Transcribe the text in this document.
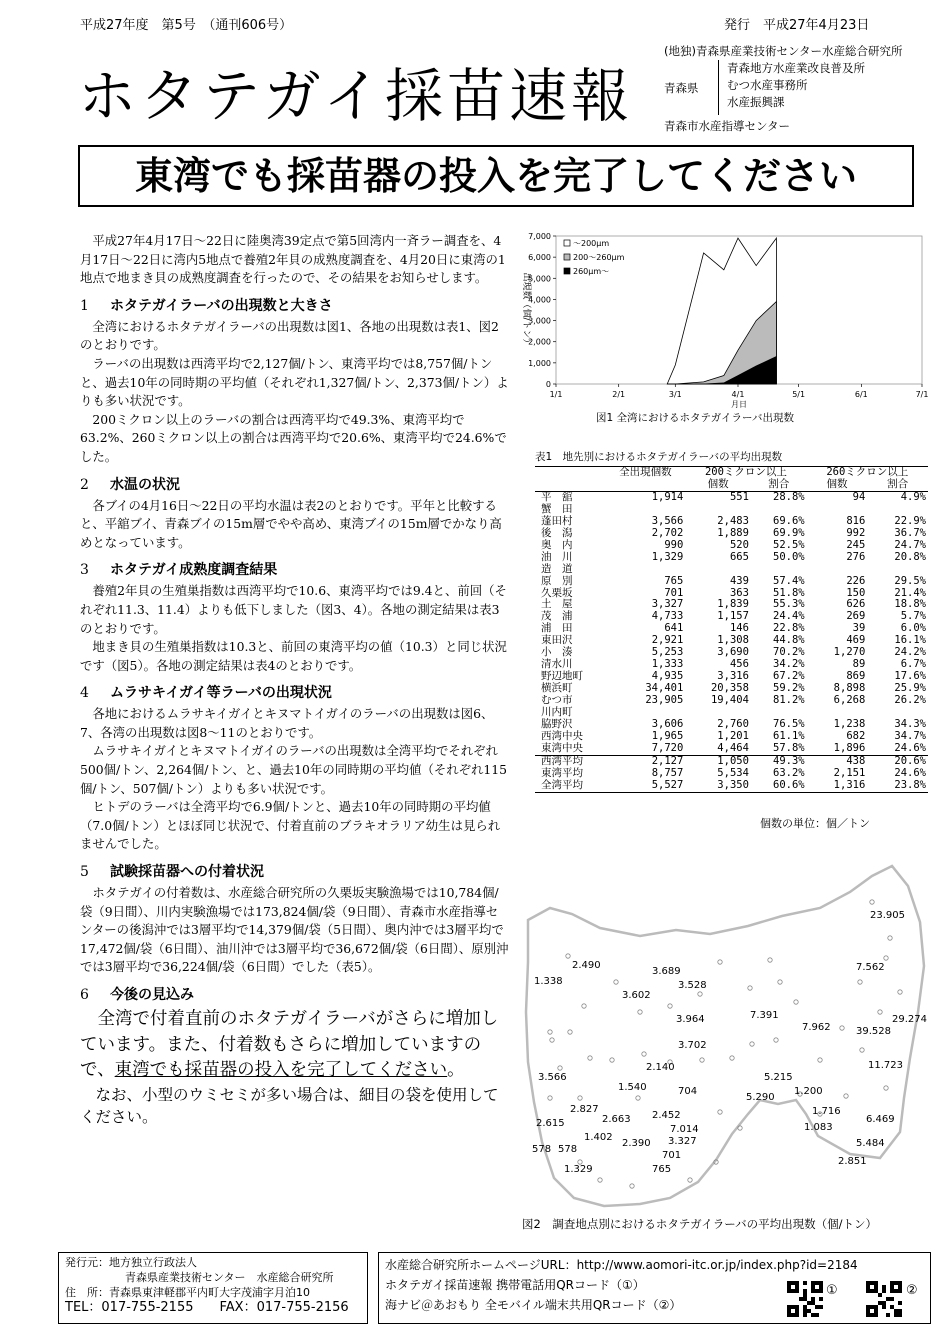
平成27年度　第5号　（通刊606号）	発行　平成27年4月23日
ホタテガイ採苗速報
(地独)青森県産業技術センター水産総合研究所
青森県
青森地方水産業改良普及所
むつ水産事務所
水産振興課
青森市水産指導センター
東湾でも採苗器の投入を完了してください

平成27年4月17日～22日に陸奥湾39定点で第5回湾内一斉ラー調査を、4月17日～22日に湾内5地点で養殖2年貝の成熟度調査を、4月20日に東湾の1地点で地まき貝の成熟度調査を行ったので、その結果をお知らせします。

1 ホタテガイラーバの出現数と大きさ

全湾におけるホタテガイラーバの出現数は図1、各地の出現数は表1、図2のとおりです。

ラーバの出現数は西湾平均で2,127個/トン、東湾平均では8,757個/トンと、過去10年の同時期の平均値（それぞれ1,327個/トン、2,373個/トン）よりも多い状況です。

200ミクロン以上のラーバの割合は西湾平均で49.3%、東湾平均で63.2%、260ミクロン以上の割合は西湾平均で20.6%、東湾平均で24.6%でした。

2 水温の状況

各ブイの4月16日～22日の平均水温は表2のとおりです。平年と比較すると、平舘ブイ、青森ブイの15m層でやや高め、東湾ブイの15m層でかなり高めとなっています。

3 ホタテガイ成熟度調査結果

養殖2年貝の生殖巣指数は西湾平均で10.6、東湾平均では9.4と、前回（それぞれ11.3、11.4）よりも低下しました（図3、4）。各地の測定結果は表3のとおりです。

地まき貝の生殖巣指数は10.3と、前回の東湾平均の値（10.3）と同じ状況です（図5）。各地の測定結果は表4のとおりです。

4 ムラサキイガイ等ラーバの出現状況

各地におけるムラサキイガイとキヌマトイガイのラーバの出現数は図6、7、各湾の出現数は図8～11のとおりです。

ムラサキイガイとキヌマトイガイのラーバの出現数は全湾平均でそれぞれ500個/トン、2,264個/トン、と、過去10年の同時期の平均値（それぞれ115個/トン、507個/トン）よりも多い状況です。

ヒトデのラーバは全湾平均で6.9個/トンと、過去10年の同時期の平均値（7.0個/トン）とほぼ同じ状況で、付着直前のブラキオラリア幼生は見られませんでした。

5 試験採苗器への付着状況

ホタテガイの付着数は、水産総合研究所の久栗坂実験漁場では10,784個/袋（9日間）、川内実験漁場では173,824個/袋（9日間）、青森市水産指導センターの後潟沖では3層平均で14,379個/袋（5日間）、奥内沖では3層平均で17,472個/袋（6日間）、油川沖では3層平均で36,672個/袋（6日間）、原別沖では3層平均で36,224個/袋（6日間）でした（表5）。

6 今後の見込み

全湾で付着直前のホタテガイラーバがさらに増加しています。また、付着数もさらに増加していますので、東湾でも採苗器の投入を完了してください。

なお、小型のウミセミが多い場合は、細目の袋を使用してください。

0
1,000
2,000
3,000
4,000
5,000
6,000
7,000
1/1	2/1	3/1	4/1	5/1	6/1	7/1
月日
出現数（個/トン）
～200μm
200～260μm
260μm～
図1 全湾におけるホタテガイラーバ出現数
表1　地先別におけるホタテガイラーバの平均出現数
	全出現個数	200ミクロン以上		260ミクロン以上	
		個数	割合	個数	割合
平　舘	1,914	551	28.8%	94	4.9%
蟹　田					
蓬田村	3,566	2,483	69.6%	816	22.9%
後　潟	2,702	1,889	69.9%	992	36.7%
奥　内	990	520	52.5%	245	24.7%
油　川	1,329	665	50.0%	276	20.8%
造　道					
原　別	765	439	57.4%	226	29.5%
久栗坂	701	363	51.8%	150	21.4%
土　屋	3,327	1,839	55.3%	626	18.8%
茂　浦	4,733	1,157	24.4%	269	5.7%
浦　田	641	146	22.8%	39	6.0%
東田沢	2,921	1,308	44.8%	469	16.1%
小　湊	5,253	3,690	70.2%	1,270	24.2%
清水川	1,333	456	34.2%	89	6.7%
野辺地町	4,935	3,316	67.2%	869	17.6%
横浜町	34,401	20,358	59.2%	8,898	25.9%
むつ市	23,905	19,404	81.2%	6,268	26.2%
川内町					
脇野沢	3,606	2,760	76.5%	1,238	34.3%
西湾中央	1,965	1,201	61.1%	682	34.7%
東湾中央	7,720	4,464	57.8%	1,896	24.6%
西湾平均	2,127	1,050	49.3%	438	20.6%
東湾平均	8,757	5,534	63.2%	2,151	24.6%
全湾平均	5,527	3,350	60.6%	1,316	23.8%
個数の単位：個／トン
23.905
2.490
1.338
3.689
3.528
3.602
7.562
3.964	7.391
7.962	39.528
29.274
3.702
11.723
3.566
2.140
1.540	704
5.215
5.290
1.200
2.827
2.615	2.663
578
2.452
7.014
1.716
1.083
6.469
1.402
2.390 3.327
578
701
5.484
1.329	765
2.851
図2　調査地点別におけるホタテガイラーバの平均出現数（個/トン）
発行元：地方独立行政法人
青森県産業技術センター　水産総合研究所
住　所：青森県東津軽郡平内町大字茂浦字月泊10
TEL：017-755-2155　　FAX：017-755-2156
水産総合研究所ホームページURL：http://www.aomori-itc.or.jp/index.php?id=2184
ホタテガイ採苗速報 携帯電話用QRコード（①）
海ナビ＠あおもり 全モバイル端末共用QRコード（②）
①	②
